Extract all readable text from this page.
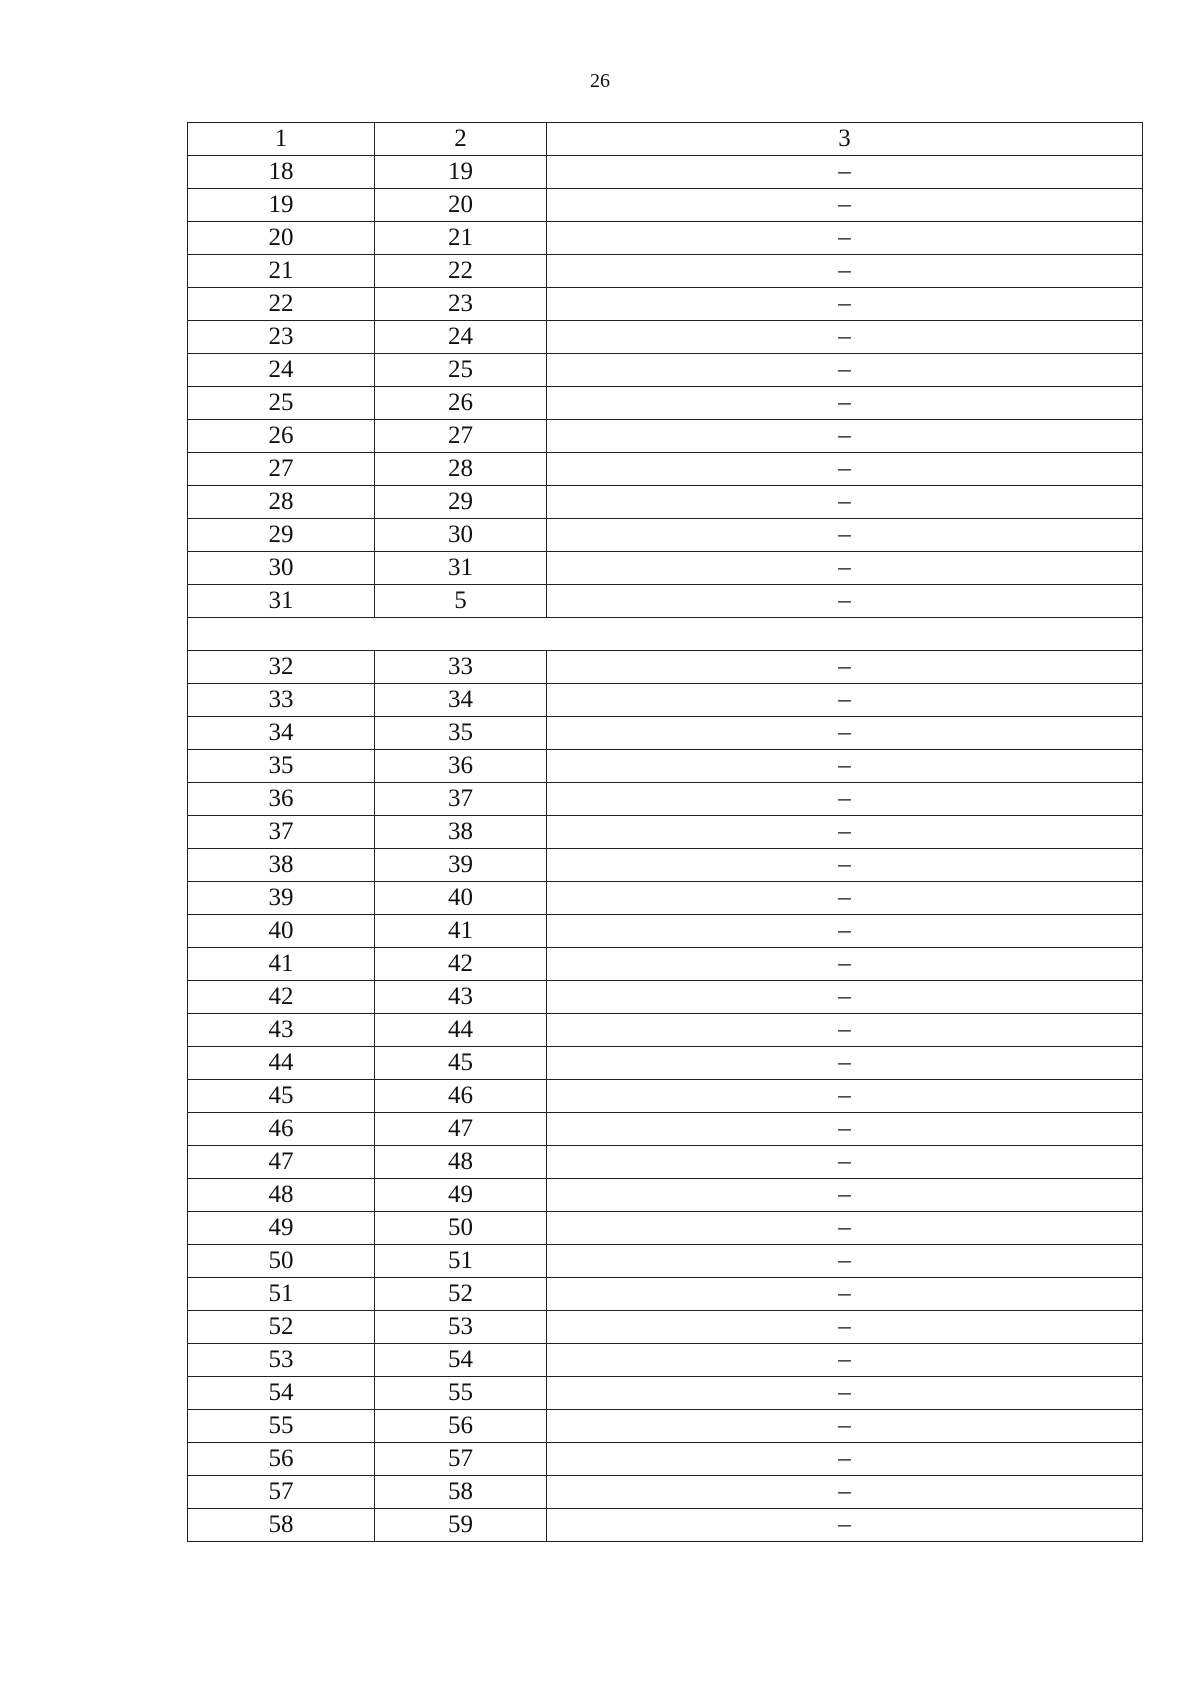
26
1	2	3
18	19	–
19	20	–
20	21	–
21	22	–
22	23	–
23	24	–
24	25	–
25	26	–
26	27	–
27	28	–
28	29	–
29	30	–
30	31	–
31	5	–

32	33	–
33	34	–
34	35	–
35	36	–
36	37	–
37	38	–
38	39	–
39	40	–
40	41	–
41	42	–
42	43	–
43	44	–
44	45	–
45	46	–
46	47	–
47	48	–
48	49	–
49	50	–
50	51	–
51	52	–
52	53	–
53	54	–
54	55	–
55	56	–
56	57	–
57	58	–
58	59	–
